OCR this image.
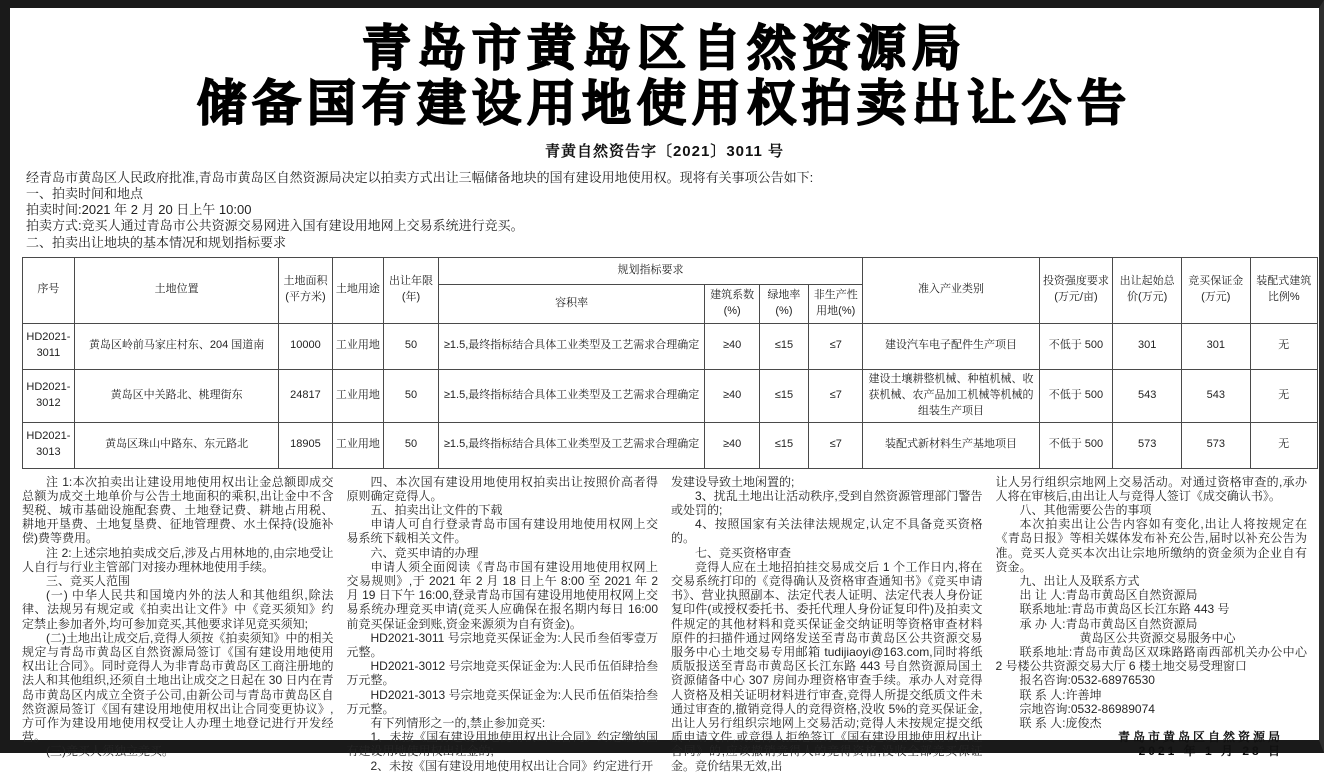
青岛市黄岛区自然资源局
储备国有建设用地使用权拍卖出让公告
青黄自然资告字〔2021〕3011 号

经青岛市黄岛区人民政府批准,青岛市黄岛区自然资源局决定以拍卖方式出让三幅储备地块的国有建设用地使用权。现将有关事项公告如下:

一、拍卖时间和地点

拍卖时间:2021 年 2 月 20 日上午 10:00

拍卖方式:竞买人通过青岛市公共资源交易网进入国有建设用地网上交易系统进行竞买。

二、拍卖出让地块的基本情况和规划指标要求

序号	土地位置	土地面积(平方米)	土地用途	出让年限(年)	规划指标要求				准入产业类别	投资强度要求(万元/亩)	出让起始总价(万元)	竞买保证金(万元)	装配式建筑比例%
					容积率	建筑系数(%)	绿地率(%)	非生产性用地(%)					
HD2021-3011	黄岛区岭前马家庄村东、204 国道南	10000	工业用地	50	≥1.5,最终指标结合具体工业类型及工艺需求合理确定	≥40	≤15	≤7	建设汽车电子配件生产项目	不低于 500	301	301	无
HD2021-3012	黄岛区中关路北、桃理街东	24817	工业用地	50	≥1.5,最终指标结合具体工业类型及工艺需求合理确定	≥40	≤15	≤7	建设土壤耕整机械、种植机械、收获机械、农产品加工机械等机械的组装生产项目	不低于 500	543	543	无
HD2021-3013	黄岛区珠山中路东、东元路北	18905	工业用地	50	≥1.5,最终指标结合具体工业类型及工艺需求合理确定	≥40	≤15	≤7	装配式新材料生产基地项目	不低于 500	573	573	无

注 1:本次拍卖出让建设用地使用权出让金总额即成交总额为成交土地单价与公告土地面积的乘积,出让金中不含契税、城市基础设施配套费、土地登记费、耕地占用税、耕地开垦费、土地复垦费、征地管理费、水土保持(设施补偿)费等费用。

注 2:上述宗地拍卖成交后,涉及占用林地的,由宗地受让人自行与行业主管部门对接办理林地使用手续。

三、竞买人范围

(一) 中华人民共和国境内外的法人和其他组织,除法律、法规另有规定或《拍卖出让文件》中《竞买须知》约定禁止参加者外,均可参加竞买,其他要求详见竞买须知;

(二)土地出让成交后,竞得人须按《拍卖须知》中的相关规定与青岛市黄岛区自然资源局签订《国有建设用地使用权出让合同》。同时竞得人为非青岛市黄岛区工商注册地的法人和其他组织,还须自土地出让成交之日起在 30 日内在青岛市黄岛区内成立全资子公司,由新公司与青岛市黄岛区自然资源局签订《国有建设用地使用权出让合同变更协议》,方可作为建设用地使用权受让人办理土地登记进行开发经营。

(三)竞买人须独立竞买。

四、本次国有建设用地使用权拍卖出让按照价高者得原则确定竞得人。

五、拍卖出让文件的下载

申请人可自行登录青岛市国有建设用地使用权网上交易系统下载相关文件。

六、竞买申请的办理

申请人须全面阅读《青岛市国有建设用地使用权网上交易规则》,于 2021 年 2 月 18 日上午 8:00 至 2021 年 2 月 19 日下午 16:00,登录青岛市国有建设用地使用权网上交易系统办理竞买申请(竞买人应确保在报名期内每日 16:00 前竞买保证金到账,资金来源须为自有资金)。

HD2021-3011 号宗地竞买保证金为:人民币叁佰零壹万元整。

HD2021-3012 号宗地竞买保证金为:人民币伍佰肆拾叁万元整。

HD2021-3013 号宗地竞买保证金为:人民币伍佰柒拾叁万元整。

有下列情形之一的,禁止参加竞买:

1、未按《国有建设用地使用权出让合同》约定缴纳国有建设用地使用权出让金的;

2、未按《国有建设用地使用权出让合同》约定进行开

发建设导致土地闲置的;

3、扰乱土地出让活动秩序,受到自然资源管理部门警告或处罚的;

4、按照国家有关法律法规规定,认定不具备竞买资格的。

七、竞买资格审查

竞得人应在土地招拍挂交易成交后 1 个工作日内,将在交易系统打印的《竞得确认及资格审查通知书》《竞买申请书》、营业执照副本、法定代表人证明、法定代表人身份证复印件(或授权委托书、委托代理人身份证复印件)及拍卖文件规定的其他材料和竞买保证金交纳证明等资格审查材料原件的扫描件通过网络发送至青岛市黄岛区公共资源交易服务中心土地交易专用邮箱 tudijiaoyi@163.com,同时将纸质版报送至青岛市黄岛区长江东路 443 号自然资源局国土资源储备中心 307 房间办理资格审查手续。承办人对竞得人资格及相关证明材料进行审查,竞得人所提交纸质文件未通过审查的,撤销竞得人的竞得资格,没收 5%的竞买保证金,出让人另行组织宗地网上交易活动;竞得人未按规定提交纸质申请文件,或竞得人拒绝签订《国有建设用地使用权出让合同》的,应该撤销竞得人的竞得资格,没收全部竞买保证金。竞价结果无效,出

让人另行组织宗地网上交易活动。对通过资格审查的,承办人将在审核后,由出让人与竞得人签订《成交确认书》。

八、其他需要公告的事项

本次拍卖出让公告内容如有变化,出让人将按规定在《青岛日报》等相关媒体发布补充公告,届时以补充公告为准。竞买人竞买本次出让宗地所缴纳的资金须为企业自有资金。

九、出让人及联系方式

出 让 人:青岛市黄岛区自然资源局

联系地址:青岛市黄岛区长江东路 443 号

承 办 人:青岛市黄岛区自然资源局

黄岛区公共资源交易服务中心

联系地址:青岛市黄岛区双珠路路南西部机关办公中心 2 号楼公共资源交易大厅 6 楼土地交易受理窗口

报名咨询:0532-68976530

联 系 人:许善坤

宗地咨询:0532-86989074

联 系 人:庞俊杰

青岛市黄岛区自然资源局

2021 年 1 月 28 日
